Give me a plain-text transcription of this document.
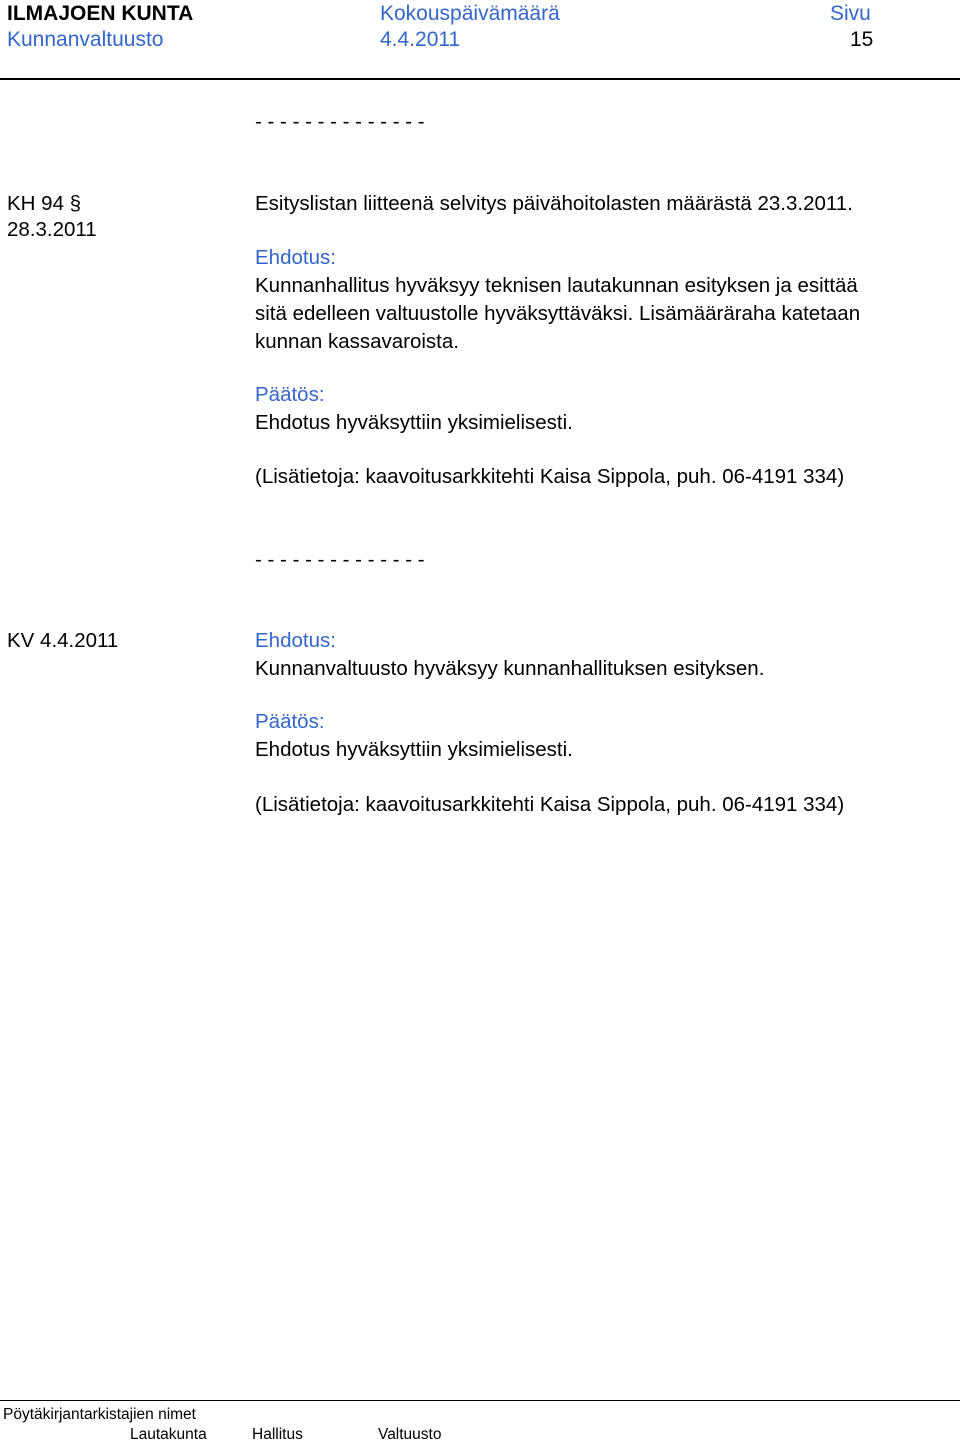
ILMAJOEN KUNTA	Kokouspäivämäärä	Sivu
Kunnanvaltuusto	4.4.2011	15
- - - - - - - - - - - - - -
KH 94 §
28.3.2011
Esityslistan liitteenä selvitys päivähoitolasten määrästä 23.3.2011.
Ehdotus:
Kunnanhallitus hyväksyy teknisen lautakunnan esityksen ja esittää
sitä edelleen valtuustolle hyväksyttäväksi. Lisämääräraha katetaan
kunnan kassavaroista.
Päätös:
Ehdotus hyväksyttiin yksimielisesti.
(Lisätietoja: kaavoitusarkkitehti Kaisa Sippola, puh. 06-4191 334)
- - - - - - - - - - - - - -
KV 4.4.2011	Ehdotus:
Kunnanvaltuusto hyväksyy kunnanhallituksen esityksen.
Päätös:
Ehdotus hyväksyttiin yksimielisesti.
(Lisätietoja: kaavoitusarkkitehti Kaisa Sippola, puh. 06-4191 334)
Pöytäkirjantarkistajien nimet
Lautakunta	Hallitus	Valtuusto
